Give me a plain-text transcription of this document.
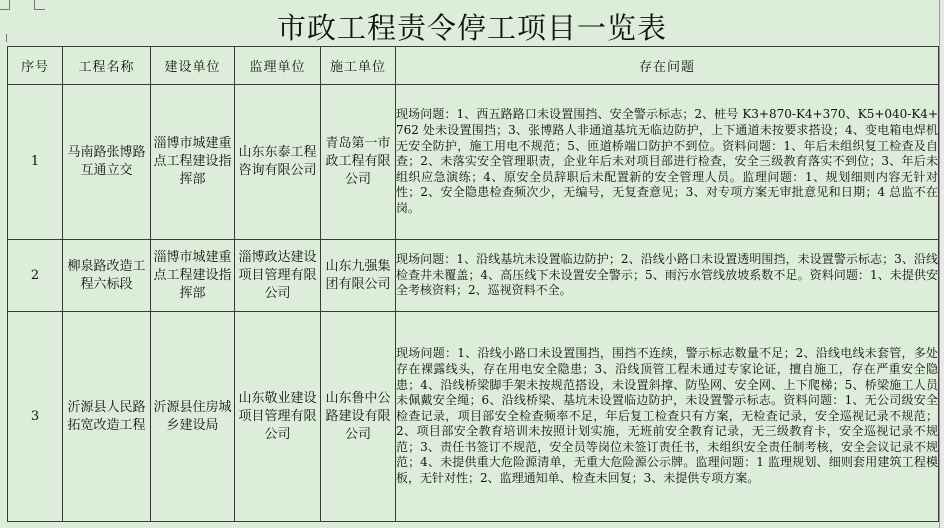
市政工程责令停工项目一览表
序号	工程名称	建设单位	监理单位	施工单位	存在问题
1	马南路张博路互通立交	淄博市城建重点工程建设指挥部	山东东泰工程咨询有限公司	青岛第一市政工程有限公司	现场问题：1、西五路路口未设置围挡、安全警示标志；2、桩号 K3+870-K4+370、K5+040-K4+762 处未设置围挡；3、张博路人非通道基坑无临边防护，上下通道未按要求搭设；4、变电箱电焊机无安全防护，施工用电不规范；5、匝道桥端口防护不到位。资料问题：1、年后未组织复工检查及自查；2、未落实安全管理职责，企业年后未对项目部进行检查，安全三级教育落实不到位；3、年后未组织应急演练；4、原安全员辞职后未配置新的安全管理人员。监理问题：1、规划细则内容无针对性；2、安全隐患检查频次少，无编号，无复查意见；3、对专项方案无审批意见和日期；4 总监不在岗。
2	柳泉路改造工程六标段	淄博市城建重点工程建设指挥部	淄博政达建设项目管理有限公司	山东九强集团有限公司	现场问题：1、沿线基坑未设置临边防护；2、沿线小路口未设置透明围挡，未设置警示标志；3、沿线检查井未覆盖；4、高压线下未设置安全警示；5、雨污水管线放坡系数不足。资料问题：1、未提供安全考核资料；2、巡视资料不全。
3	沂源县人民路拓宽改造工程	沂源县住房城乡建设局	山东敬业建设项目管理有限公司	山东鲁中公路建设有限公司	现场问题：1、沿线小路口未设置围挡，围挡不连续，警示标志数量不足；2、沿线电线未套管，多处存在裸露线头，存在用电安全隐患；3、沿线顶管工程未通过专家论证，擅自施工，存在严重安全隐患；4、沿线桥梁脚手架未按规范搭设，未设置斜撑、防坠网、安全网、上下爬梯；5、桥梁施工人员未佩戴安全绳；6、沿线桥梁、基坑未设置临边防护，未设置警示标志。资料问题：1、无公司级安全检查记录，项目部安全检查频率不足，年后复工检查只有方案，无检查记录，安全巡视记录不规范；2、项目部安全教育培训未按照计划实施，无班前安全教育记录，无三级教育卡，安全巡视记录不规范；3、责任书签订不规范，安全员等岗位未签订责任书，未组织安全责任制考核，安全会议记录不规范；4、未提供重大危险源清单，无重大危险源公示牌。监理问题：1 监理规划、细则套用建筑工程模板，无针对性；2、监理通知单、检查未回复；3、未提供专项方案。
